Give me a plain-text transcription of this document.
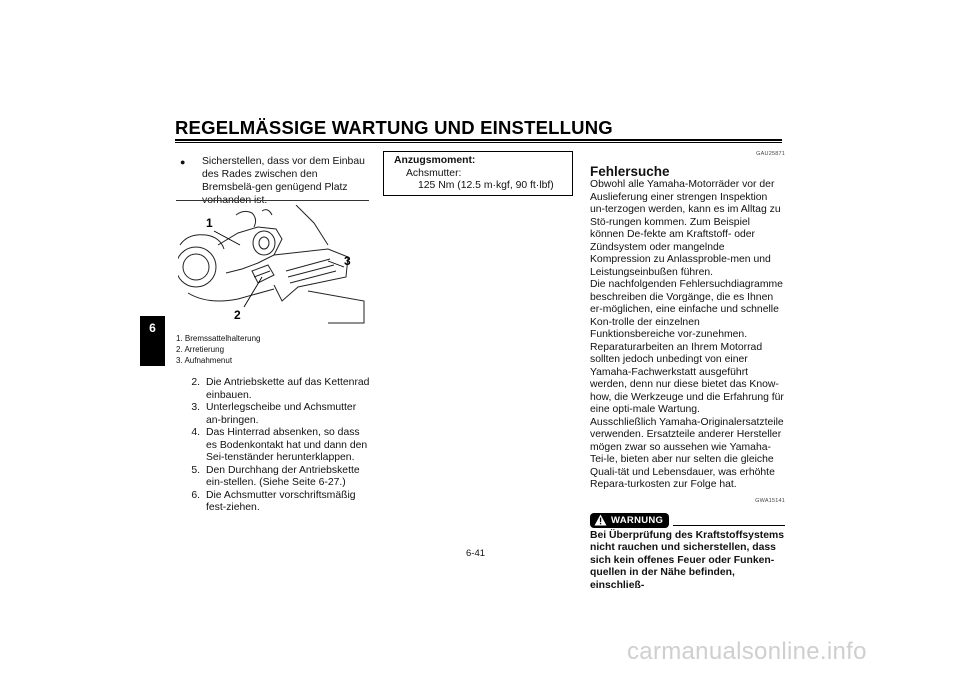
REGELMÄSSIGE WARTUNG UND EINSTELLUNG
6
●	Sicherstellen, dass vor dem Einbau des Rades zwischen den Bremsbelä-gen genügend Platz
1
2
3
1. Bremssattelhalterung
2. Arretierung
3. Aufnahmenut
2. Die Antriebskette auf das Kettenrad einbauen.
3. Unterlegscheibe und Achsmutter an-bringen.
4. Das Hinterrad absenken, so dass es Bodenkontakt hat und dann den Sei-tenständer herunterklappen.
5. Den Durchhang der Antriebskette ein-stellen. (Siehe Seite 6-27.)
6. Die Achsmutter vorschriftsmäßig fest-ziehen.
Anzugsmoment:
Achsmutter:
125 Nm (12.5 m·kgf, 90 ft·lbf)
GAU25871
Fehlersuche
Obwohl alle Yamaha-Motorräder vor der Auslieferung einer strengen Inspektion un-terzogen werden, kann es im Alltag zu Stö-rungen kommen. Zum Beispiel können De-fekte am Kraftstoff- oder Zündsystem oder mangelnde Kompression zu Anlassproble-men und Leistungseinbußen führen.
Die nachfolgenden Fehlersuchdiagramme beschreiben die Vorgänge, die es Ihnen er-möglichen, eine einfache und schnelle Kon-trolle der einzelnen Funktionsbereiche vor-zunehmen. Reparaturarbeiten an Ihrem Motorrad sollten jedoch unbedingt von einer Yamaha-Fachwerkstatt ausgeführt werden, denn nur diese bietet das Know-how, die Werkzeuge und die Erfahrung für eine opti-male Wartung.
Ausschließlich Yamaha-Originalersatzteile verwenden. Ersatzteile anderer Hersteller mögen zwar so aussehen wie Yamaha-Tei-le, bieten aber nur selten die gleiche Quali-tät und Lebensdauer, was erhöhte Repara-turkosten zur Folge hat.
GWA15141
WARNUNG
Bei Überprüfung des Kraftstoffsystems nicht rauchen und sicherstellen, dass sich kein offenes Feuer oder Funken-quellen in der Nähe befinden, einschließ-
6-41
carmanualsonline.info
